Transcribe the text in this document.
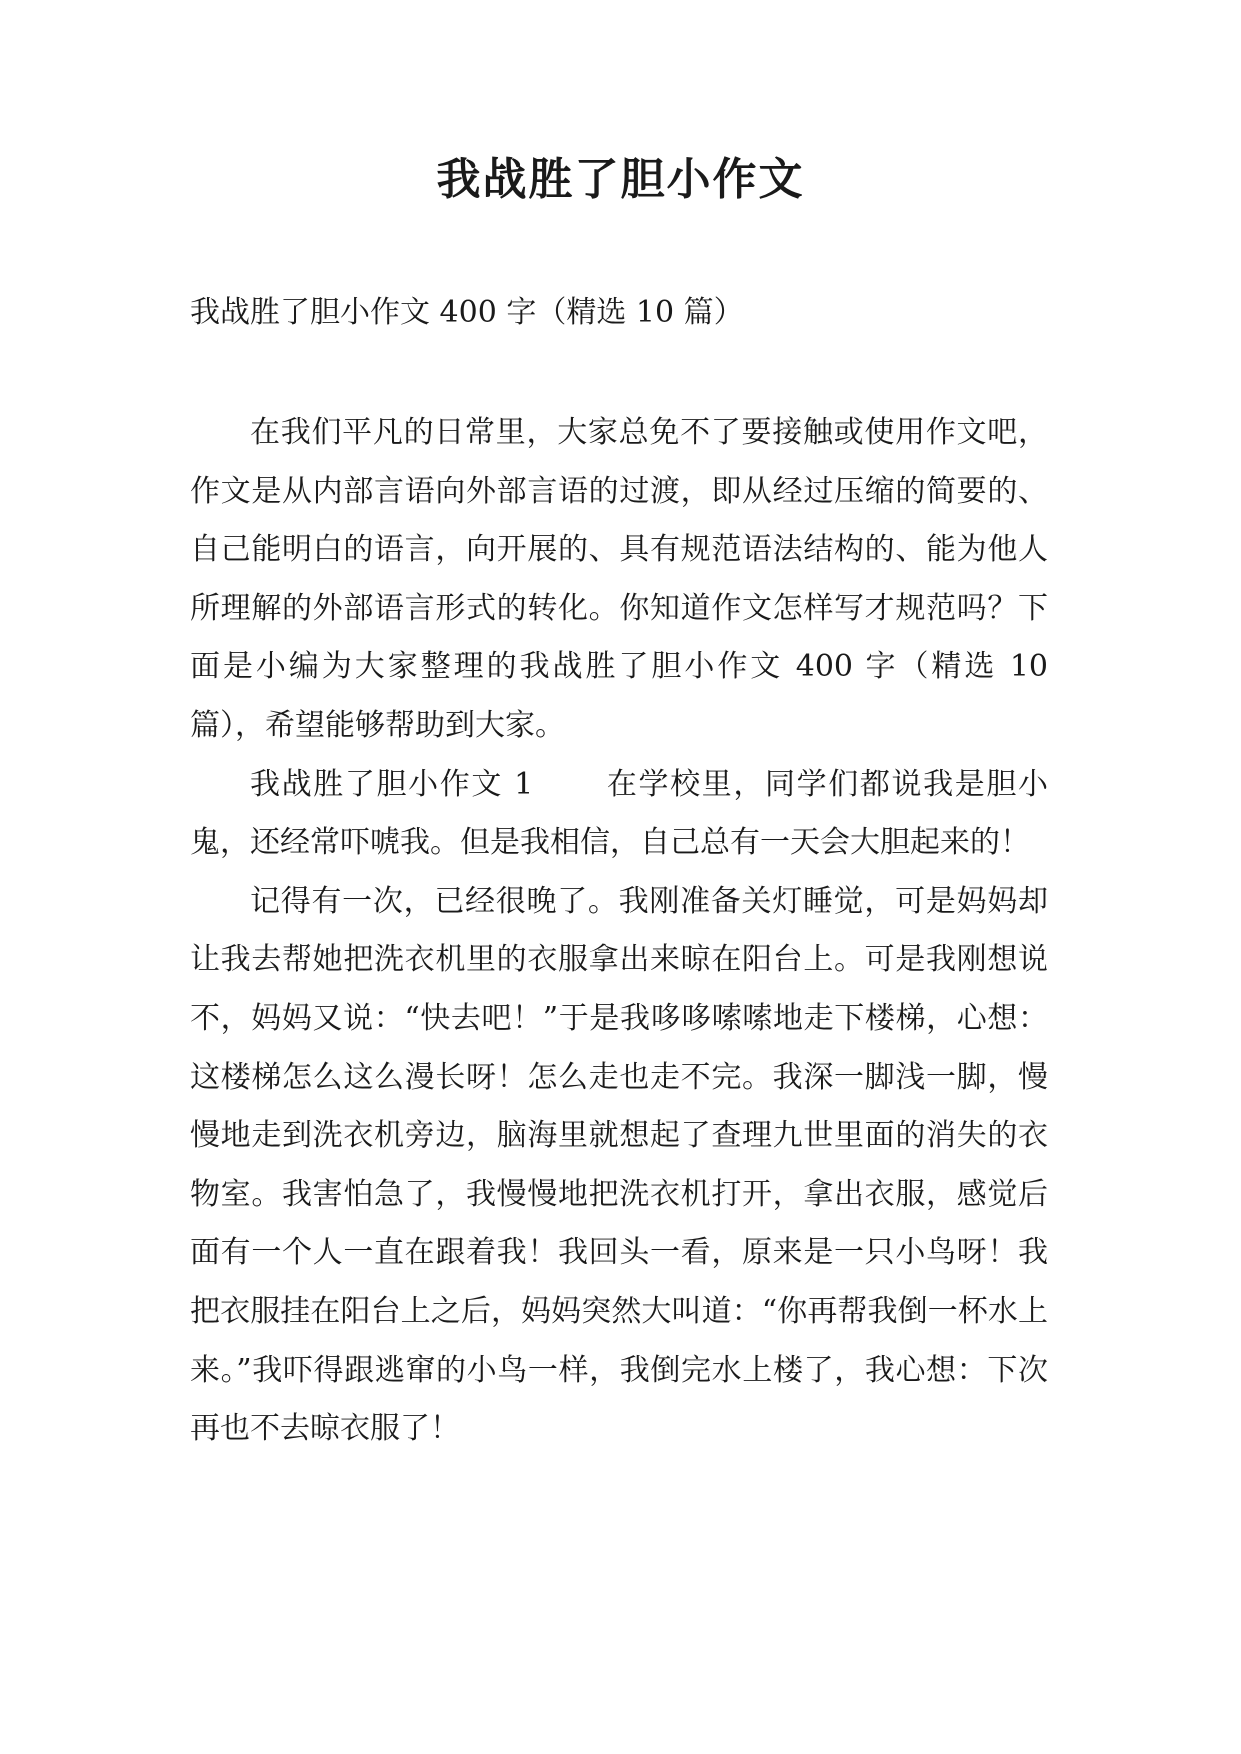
我战胜了胆小作文
我战胜了胆小作文 400 字（精选 10 篇）

在我们平凡的日常里，大家总免不了要接触或使用作文吧，作文是从内部言语向外部言语的过渡，即从经过压缩的简要的、自己能明白的语言，向开展的、具有规范语法结构的、能为他人所理解的外部语言形式的转化。你知道作文怎样写才规范吗？下面是小编为大家整理的我战胜了胆小作文 400 字（精选 10 篇），希望能够帮助到大家。

我战胜了胆小作文 1 在学校里，同学们都说我是胆小鬼，还经常吓唬我。但是我相信，自己总有一天会大胆起来的！

记得有一次，已经很晚了。我刚准备关灯睡觉，可是妈妈却让我去帮她把洗衣机里的衣服拿出来晾在阳台上。可是我刚想说不，妈妈又说：“快去吧！”于是我哆哆嗦嗦地走下楼梯，心想：这楼梯怎么这么漫长呀！怎么走也走不完。我深一脚浅一脚，慢慢地走到洗衣机旁边，脑海里就想起了查理九世里面的消失的衣物室。我害怕急了，我慢慢地把洗衣机打开，拿出衣服，感觉后面有一个人一直在跟着我！我回头一看，原来是一只小鸟呀！我把衣服挂在阳台上之后，妈妈突然大叫道：“你再帮我倒一杯水上来。”我吓得跟逃窜的小鸟一样，我倒完水上楼了，我心想：下次再也不去晾衣服了！
